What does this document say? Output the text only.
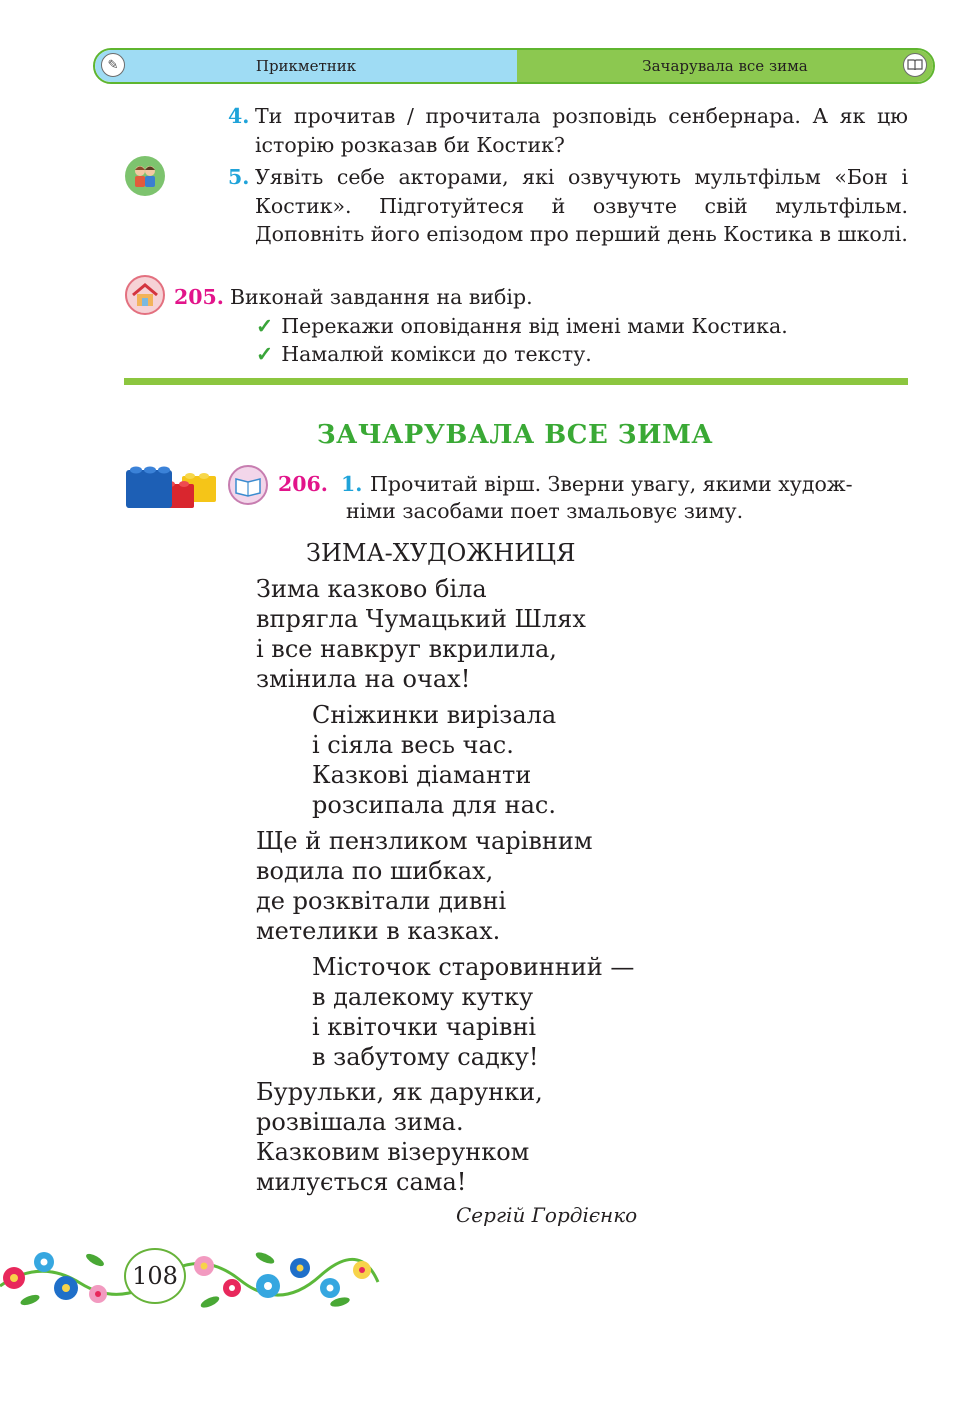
✎	Прикметник	Зачарувала все зима
4. Ти прочитав / прочитала розповідь сенбернара. А як цю історію розказав би Костик?
5. Уявіть себе акторами, які озвучують мультфільм «Бон і Костик». Підготуйтеся й озвучте свій мультфільм. Доповніть його епізодом про перший день Костика в школі.
205. Виконай завдання на вибір.
✓ Перекажи оповідання від імені мами Костика.
✓ Намалюй комікси до тексту.
ЗАЧАРУВАЛА ВСЕ ЗИМА
206. 1. Прочитай вірш. Зверни увагу, якими худож-
німи засобами поет змальовує зиму.
ЗИМА-ХУДОЖНИЦЯ
Зима казково біла
впрягла Чумацький Шлях
і все навкруг вкрилила,
змінила на очах!
Сніжинки вирізала
і сіяла весь час.
Казкові діаманти
розсипала для нас.
Ще й пензликом чарівним
водила по шибках,
де розквітали дивні
метелики в казках.
Місточок старовинний —
в далекому кутку
і квіточки чарівні
в забутому садку!
Бурульки, як дарунки,
розвішала зима.
Казковим візерунком
милується сама!
Сергій Гордієнко
108
